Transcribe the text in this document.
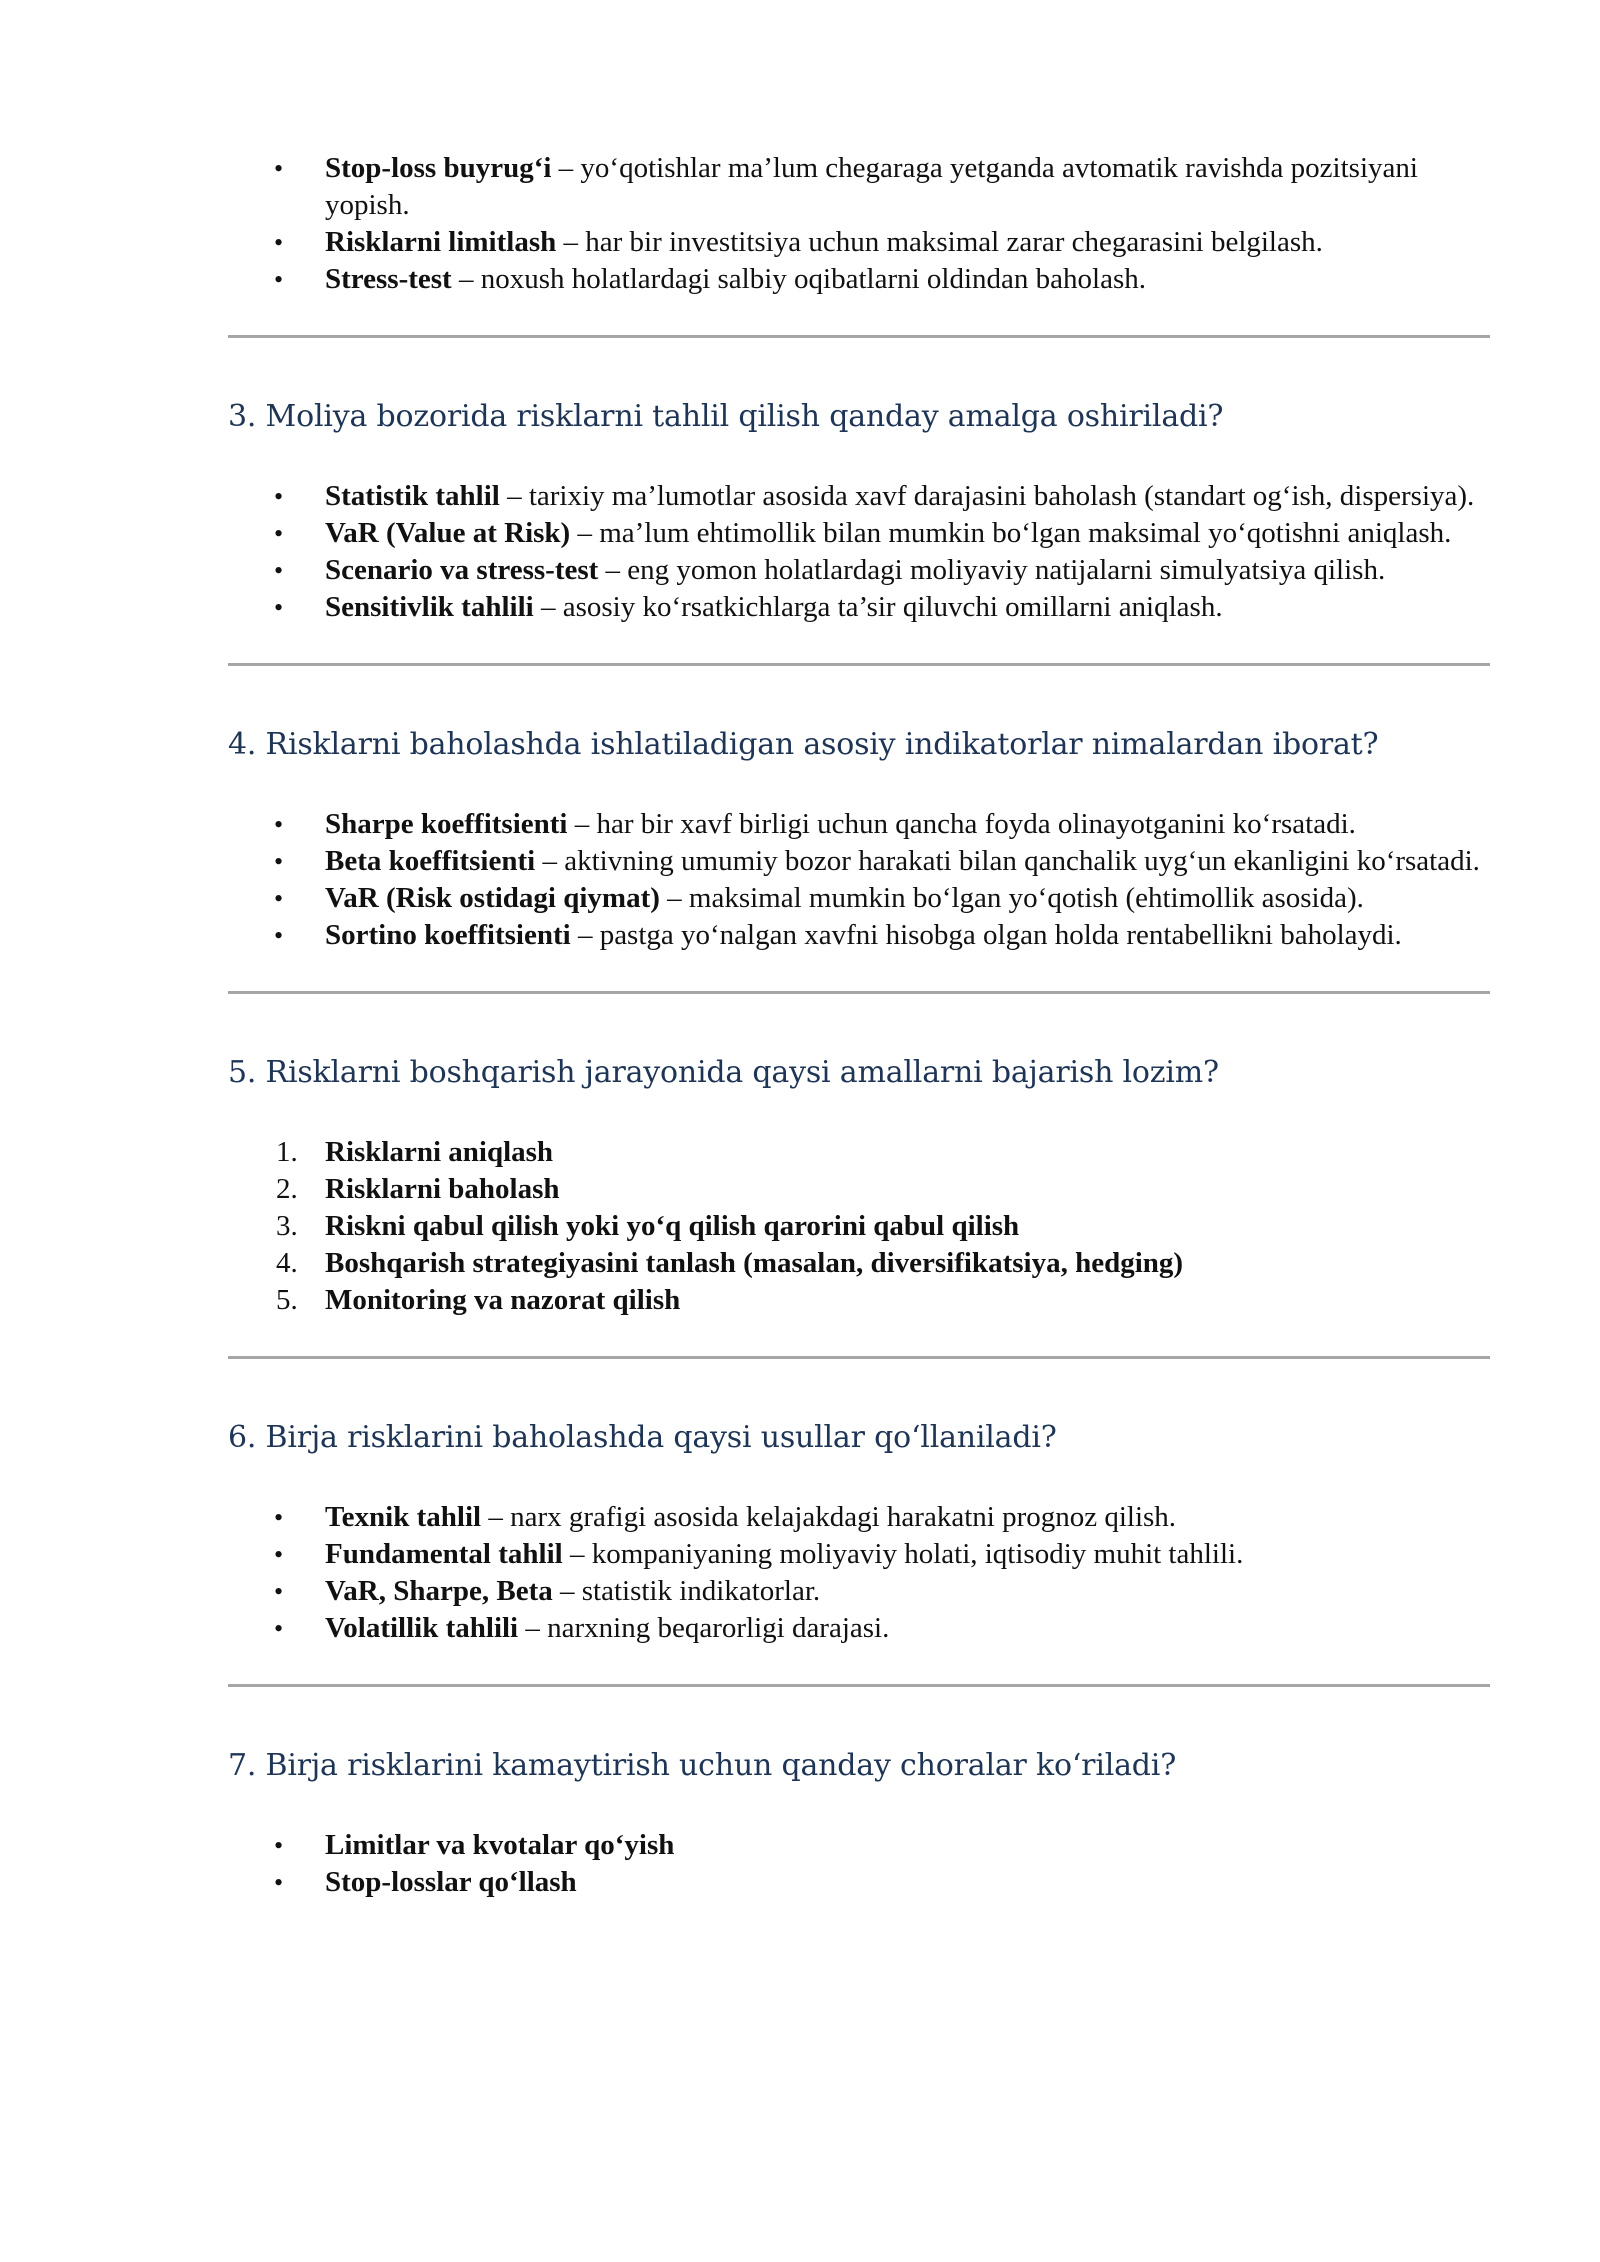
•	Stop-loss buyrug‘i – yo‘qotishlar ma’lum chegaraga yetganda avtomatik ravishda pozitsiyani yopish.
•	Risklarni limitlash – har bir investitsiya uchun maksimal zarar chegarasini belgilash.
•	Stress-test – noxush holatlardagi salbiy oqibatlarni oldindan baholash.
3. Moliya bozorida risklarni tahlil qilish qanday amalga oshiriladi?
•	Statistik tahlil – tarixiy ma’lumotlar asosida xavf darajasini baholash (standart og‘ish, dispersiya).
•	VaR (Value at Risk) – ma’lum ehtimollik bilan mumkin bo‘lgan maksimal yo‘qotishni aniqlash.
•	Scenario va stress-test – eng yomon holatlardagi moliyaviy natijalarni simulyatsiya qilish.
•	Sensitivlik tahlili – asosiy ko‘rsatkichlarga ta’sir qiluvchi omillarni aniqlash.
4. Risklarni baholashda ishlatiladigan asosiy indikatorlar nimalardan iborat?
•	Sharpe koeffitsienti – har bir xavf birligi uchun qancha foyda olinayotganini ko‘rsatadi.
•	Beta koeffitsienti – aktivning umumiy bozor harakati bilan qanchalik uyg‘un ekanligini ko‘rsatadi.
•	VaR (Risk ostidagi qiymat) – maksimal mumkin bo‘lgan yo‘qotish (ehtimollik asosida).
•	Sortino koeffitsienti – pastga yo‘nalgan xavfni hisobga olgan holda rentabellikni baholaydi.
5. Risklarni boshqarish jarayonida qaysi amallarni bajarish lozim?
1. Risklarni aniqlash
2. Risklarni baholash
3. Riskni qabul qilish yoki yo‘q qilish qarorini qabul qilish
4. Boshqarish strategiyasini tanlash (masalan, diversifikatsiya, hedging)
5. Monitoring va nazorat qilish
6. Birja risklarini baholashda qaysi usullar qo‘llaniladi?
•	Texnik tahlil – narx grafigi asosida kelajakdagi harakatni prognoz qilish.
•	Fundamental tahlil – kompaniyaning moliyaviy holati, iqtisodiy muhit tahlili.
•	VaR, Sharpe, Beta – statistik indikatorlar.
•	Volatillik tahlili – narxning beqarorligi darajasi.
7. Birja risklarini kamaytirish uchun qanday choralar ko‘riladi?
•	Limitlar va kvotalar qo‘yish
•	Stop-losslar qo‘llash
